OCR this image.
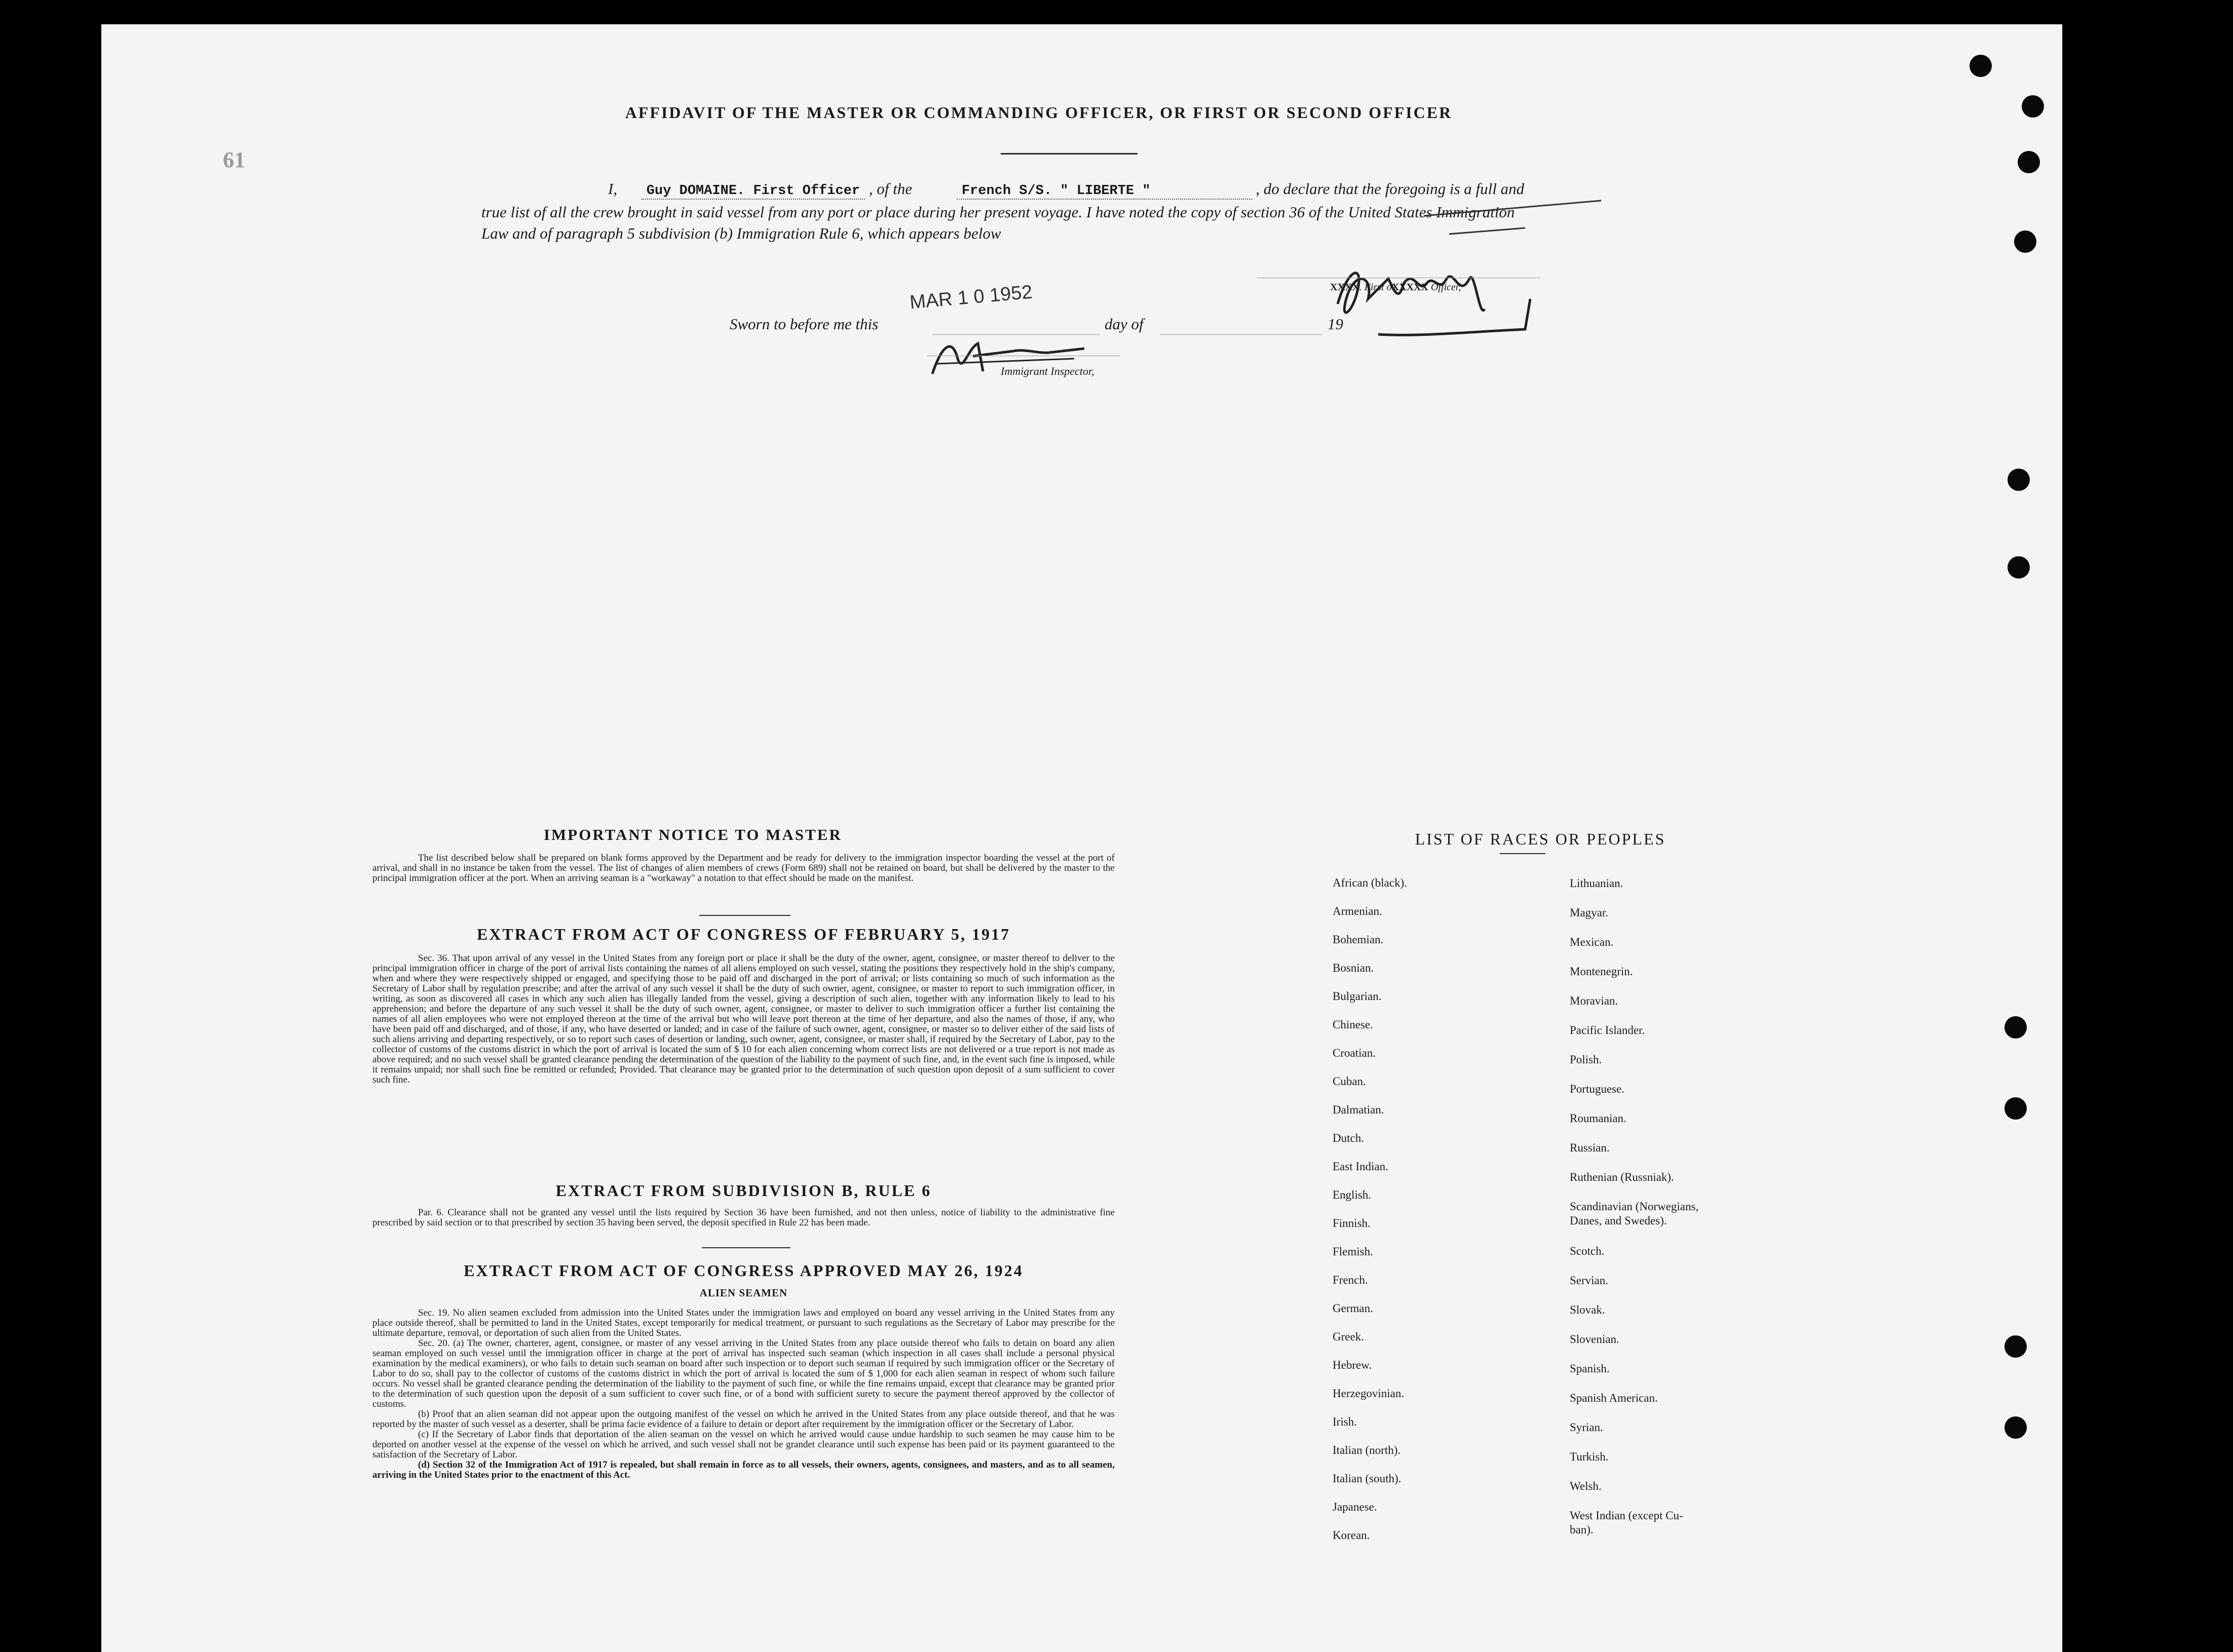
61
AFFIDAVIT OF THE MASTER OR COMMANDING OFFICER, OR FIRST OR SECOND OFFICER
I, Guy DOMAINE. First Officer , of the	French S/S. " LIBERTE "	, do declare that the foregoing is a full and true list of all the crew brought in said vessel from any port or place during her present voyage. I have noted the copy of section 36 of the United States Immigration Law and of paragraph 5 subdivision (b) Immigration Rule 6, which appears below
XXXX. First oXXXXX Officer,
Sworn to before me this
MAR 1 0 1952
day of	19
Immigrant Inspector,
IMPORTANT NOTICE TO MASTER
The list described below shall be prepared on blank forms approved by the Department and be ready for delivery to the immigration inspector boarding the vessel at the port of arrival, and shall in no instance be taken from the vessel. The list of changes of alien members of crews (Form 689) shall not be retained on board, but shall be delivered by the master to the principal immigration officer at the port. When an arriving seaman is a "workaway" a notation to that effect should be made on the manifest.
EXTRACT FROM ACT OF CONGRESS OF FEBRUARY 5, 1917
Sec. 36. That upon arrival of any vessel in the United States from any foreign port or place it shall be the duty of the owner, agent, consignee, or master thereof to deliver to the principal immigration officer in charge of the port of arrival lists containing the names of all aliens employed on such vessel, stating the positions they respectively hold in the ship's company, when and where they were respectively shipped or engaged, and specifying those to be paid off and discharged in the port of arrival; or lists containing so much of such information as the Secretary of Labor shall by regulation prescribe; and after the arrival of any such vessel it shall be the duty of such owner, agent, consignee, or master to report to such immigration officer, in writing, as soon as discovered all cases in which any such alien has illegally landed from the vessel, giving a description of such alien, together with any information likely to lead to his apprehension; and before the departure of any such vessel it shall be the duty of such owner, agent, consignee, or master to deliver to such immigration officer a further list containing the names of all alien employees who were not employed thereon at the time of the arrival but who will leave port thereon at the time of her departure, and also the names of those, if any, who have been paid off and discharged, and of those, if any, who have deserted or landed; and in case of the failure of such owner, agent, consignee, or master so to deliver either of the said lists of such aliens arriving and departing respectively, or so to report such cases of desertion or landing, such owner, agent, consignee, or master shall, if required by the Secretary of Labor, pay to the collector of customs of the customs district in which the port of arrival is located the sum of $ 10 for each alien concerning whom correct lists are not delivered or a true report is not made as above required; and no such vessel shall be granted clearance pending the determination of the question of the liability to the payment of such fine, and, in the event such fine is imposed, while it remains unpaid; nor shall such fine be remitted or refunded; Provided. That clearance may be granted prior to the determination of such question upon deposit of a sum sufficient to cover such fine.
EXTRACT FROM SUBDIVISION B, RULE 6
Par. 6. Clearance shall not be granted any vessel until the lists required by Section 36 have been furnished, and not then unless, notice of liability to the administrative fine prescribed by said section or to that prescribed by section 35 having been served, the deposit specified in Rule 22 has been made.
EXTRACT FROM ACT OF CONGRESS APPROVED MAY 26, 1924
ALIEN SEAMEN
Sec. 19. No alien seamen excluded from admission into the United States under the immigration laws and employed on board any vessel arriving in the United States from any place outside thereof, shall be permitted to land in the United States, except temporarily for medical treatment, or pursuant to such regulations as the Secretary of Labor may prescribe for the ultimate departure, removal, or deportation of such alien from the United States.
Sec. 20. (a) The owner, charterer, agent, consignee, or master of any vessel arriving in the United States from any place outside thereof who fails to detain on board any alien seaman employed on such vessel until the immigration officer in charge at the port of arrival has inspected such seaman (which inspection in all cases shall include a personal physical examination by the medical examiners), or who fails to detain such seaman on board after such inspection or to deport such seaman if required by such immigration officer or the Secretary of Labor to do so, shall pay to the collector of customs of the customs district in which the port of arrival is located the sum of $ 1,000 for each alien seaman in respect of whom such failure occurs. No vessel shall be granted clearance pending the determination of the liability to the payment of such fine, or while the fine remains unpaid, except that clearance may be granted prior to the determination of such question upon the deposit of a sum sufficient to cover such fine, or of a bond with sufficient surety to secure the payment thereof approved by the collector of customs.
(b) Proof that an alien seaman did not appear upon the outgoing manifest of the vessel on which he arrived in the United States from any place outside thereof, and that he was reported by the master of such vessel as a deserter, shall be prima facie evidence of a failure to detain or deport after requirement by the immigration officer or the Secretary of Labor.
(c) If the Secretary of Labor finds that deportation of the alien seaman on the vessel on which he arrived would cause undue hardship to such seamen he may cause him to be deported on another vessel at the expense of the vessel on which he arrived, and such vessel shall not be grandet clearance until such expense has been paid or its payment guaranteed to the satisfaction of the Secretary of Labor.
(d) Section 32 of the Immigration Act of 1917 is repealed, but shall remain in force as to all vessels, their owners, agents, consignees, and masters, and as to all seamen, arriving in the United States prior to the enactment of this Act.
LIST OF RACES OR PEOPLES
African (black).
Armenian.
Bohemian.
Bosnian.
Bulgarian.
Chinese.
Croatian.
Cuban.
Dalmatian.
Dutch.
East Indian.
English.
Finnish.
Flemish.
French.
German.
Greek.
Hebrew.
Herzegovinian.
Irish.
Italian (north).
Italian (south).
Japanese.
Korean.
Lithuanian.
Magyar.
Mexican.
Montenegrin.
Moravian.
Pacific Islander.
Polish.
Portuguese.
Roumanian.
Russian.
Ruthenian (Russniak).
Scandinavian (Norwegians,
Danes, and Swedes).
Scotch.
Servian.
Slovak.
Slovenian.
Spanish.
Spanish American.
Syrian.
Turkish.
Welsh.
West Indian (except Cu-
ban).
